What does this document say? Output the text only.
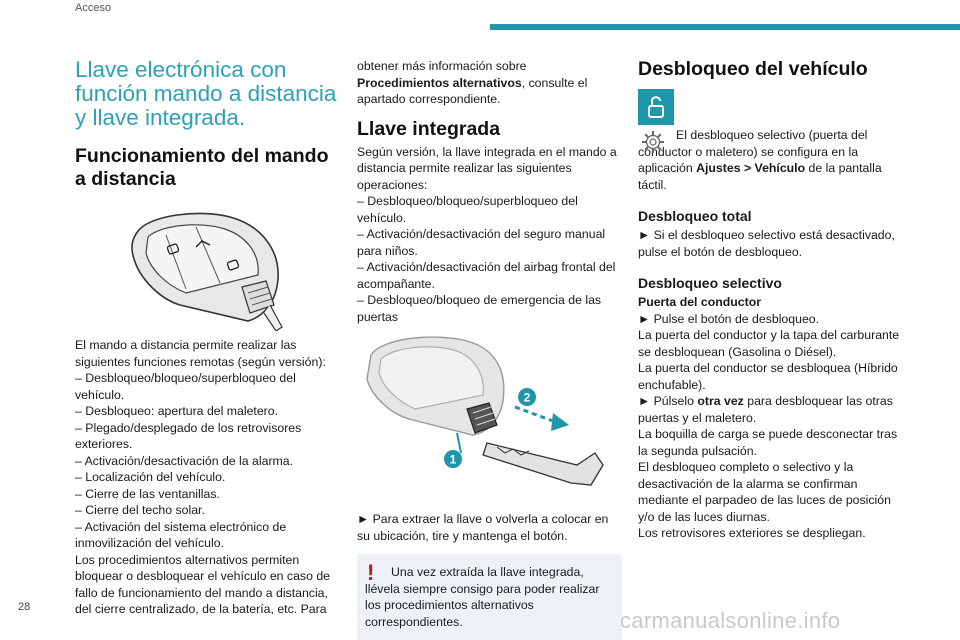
Acceso
Llave electrónica con función mando a distancia y llave integrada.
Funcionamiento del mando a distancia

El mando a distancia permite realizar las siguientes funciones remotas (según versión):

– Desbloqueo/bloqueo/superbloqueo del vehículo.

– Desbloqueo: apertura del maletero.

– Plegado/desplegado de los retrovisores exteriores.

– Activación/desactivación de la alarma.

– Localización del vehículo.

– Cierre de las ventanillas.

– Cierre del techo solar.

– Activación del sistema electrónico de inmovilización del vehículo.

Los procedimientos alternativos permiten bloquear o desbloquear el vehículo en caso de fallo de funcionamiento del mando a distancia, del cierre centralizado, de la batería, etc. Para

obtener más información sobre Procedimientos alternativos, consulte el apartado correspondiente.

Llave integrada

Según versión, la llave integrada en el mando a distancia permite realizar las siguientes operaciones:

– Desbloqueo/bloqueo/superbloqueo del vehículo.

– Activación/desactivación del seguro manual para niños.

– Activación/desactivación del airbag frontal del acompañante.

– Desbloqueo/bloqueo de emergencia de las puertas

2
1

► Para extraer la llave o volverla a colocar en su ubicación, tire y mantenga el botón.

!	Una vez extraída la llave integrada, llévela siempre consigo para poder realizar los procedimientos alternativos correspondientes.

Desbloqueo del vehículo

El desbloqueo selectivo (puerta del conductor o maletero) se configura en la aplicación Ajustes > Vehículo de la pantalla táctil.

Desbloqueo total

► Si el desbloqueo selectivo está desactivado, pulse el botón de desbloqueo.

Desbloqueo selectivo

Puerta del conductor

► Pulse el botón de desbloqueo.

La puerta del conductor y la tapa del carburante se desbloquean (Gasolina o Diésel).

La puerta del conductor se desbloquea (Híbrido enchufable).

► Púlselo otra vez para desbloquear las otras puertas y el maletero.

La boquilla de carga se puede desconectar tras la segunda pulsación.

El desbloqueo completo o selectivo y la desactivación de la alarma se confirman mediante el parpadeo de las luces de posición y/o de las luces diurnas.

Los retrovisores exteriores se despliegan.

28
carmanualsonline.info
